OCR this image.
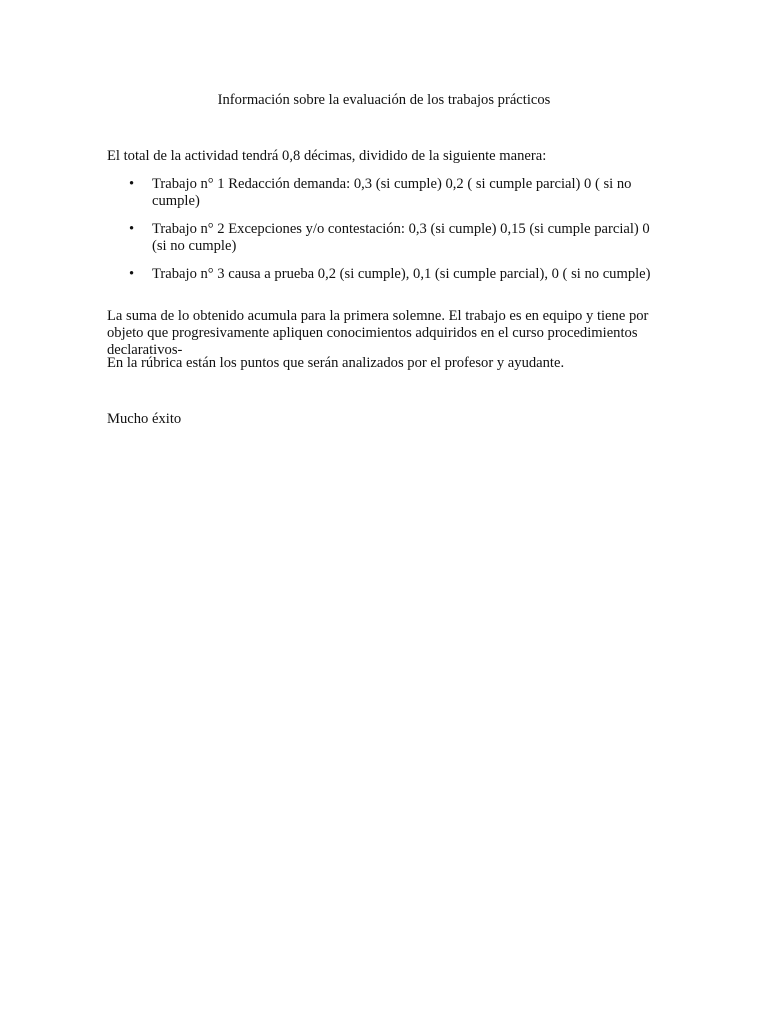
Información sobre la evaluación de los trabajos prácticos

El total de la actividad tendrá 0,8 décimas, dividido de la siguiente manera:

• Trabajo n° 1 Redacción demanda: 0,3 (si cumple) 0,2 ( si cumple parcial) 0 ( si no cumple)
• Trabajo n° 2 Excepciones y/o contestación: 0,3 (si cumple) 0,15 (si cumple parcial) 0 (si no cumple)
• Trabajo n° 3 causa a prueba 0,2 (si cumple), 0,1 (si cumple parcial), 0 ( si no cumple)

La suma de lo obtenido acumula para la primera solemne. El trabajo es en equipo y tiene por objeto que progresivamente apliquen conocimientos adquiridos en el curso procedimientos declarativos-

En la rúbrica están los puntos que serán analizados por el profesor y ayudante.

Mucho éxito
